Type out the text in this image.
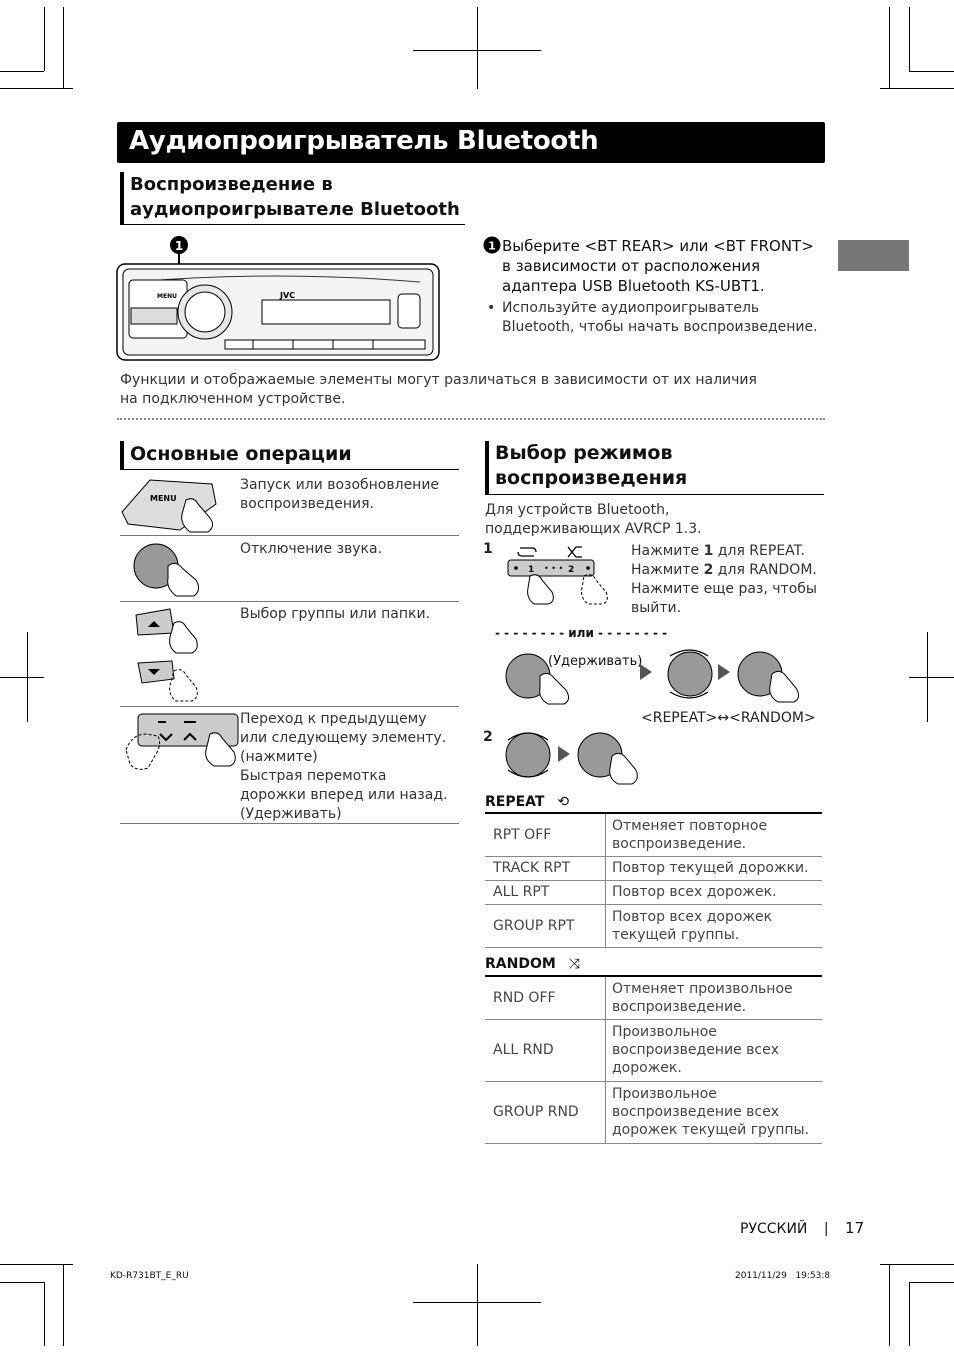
Аудиопроигрыватель Bluetooth
Воспроизведение в аудиопроигрывателе Bluetooth
1
MENU	JVC
1 Выберите <BT REAR> или <BT FRONT> в зависимости от расположения адаптера USB Bluetooth KS-UBT1.
• Используйте аудиопроигрыватель Bluetooth, чтобы начать воспроизведение.
Функции и отображаемые элементы могут различаться в зависимости от их наличия на подключенном устройстве.
Основные операции
MENU
Запуск или возобновление воспроизведения.
Отключение звука.
Выбор группы или папки.
Переход к предыдущему или следующему элементу. (нажмите)
Быстрая перемотка дорожки вперед или назад. (Удерживать)
Выбор режимов воспроизведения
Для устройств Bluetooth, поддерживающих AVRCP 1.3.
1
1	2
• • •
Нажмите 1 для REPEAT.
Нажмите 2 для RANDOM.
Нажмите еще раз, чтобы выйти.
- - - - - - - - или - - - - - - - -
(Удерживать)
<REPEAT>↔<RANDOM>
2
REPEAT ⟲
RPT OFF	Отменяет повторное воспроизведение.
TRACK RPT	Повтор текущей дорожки.
ALL RPT	Повтор всех дорожек.
GROUP RPT	Повтор всех дорожек текущей группы.
RANDOM ⤨
RND OFF	Отменяет произвольное воспроизведение.
ALL RND	Произвольное воспроизведение всех дорожек.
GROUP RND	Произвольное воспроизведение всех дорожек текущей группы.
РУССКИЙ | 17
KD-R731BT_E_RU	2011/11/29   19:53:8
